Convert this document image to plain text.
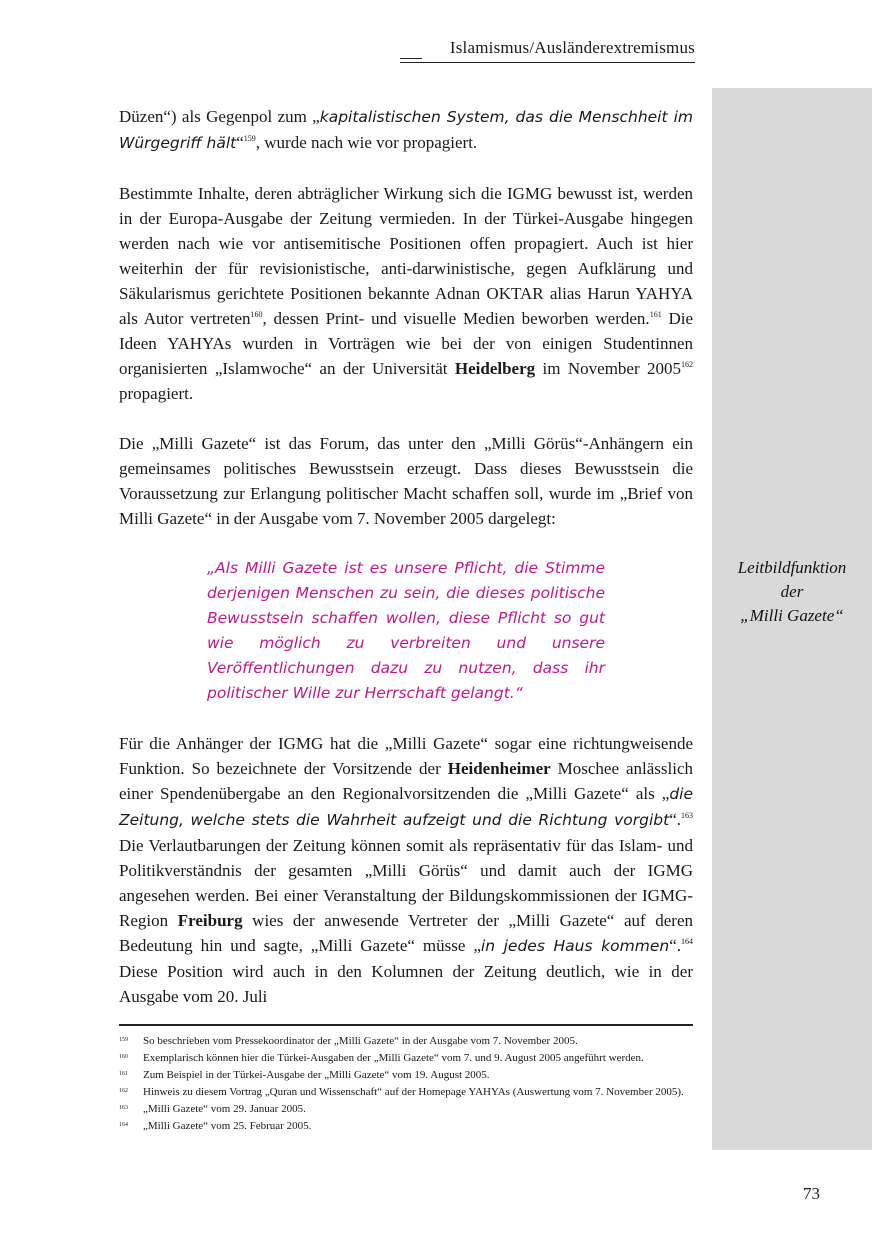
Islamismus/Ausländerextremismus
Leitbildfunktion
der
„Milli Gazete“

Düzen“) als Gegenpol zum „kapitalistischen System, das die Menschheit im Würgegriff hält“$^{159}$, wurde nach wie vor propagiert.

Bestimmte Inhalte, deren abträglicher Wirkung sich die IGMG bewusst ist, werden in der Europa-Ausgabe der Zeitung vermieden. In der Türkei-Ausgabe hingegen werden nach wie vor antisemitische Positionen offen propagiert. Auch ist hier weiterhin der für revisionistische, anti-darwinistische, gegen Aufklärung und Säkularismus gerichtete Positionen bekannte Adnan OKTAR alias Harun YAHYA als Autor vertreten$^{160}$, dessen Print- und visuelle Medien beworben werden.$^{161}$ Die Ideen YAHYAs wurden in Vorträgen wie bei der von einigen Studentinnen organisierten „Islamwoche“ an der Universität Heidelberg im November 2005$^{162}$ propagiert.

Die „Milli Gazete“ ist das Forum, das unter den „Milli Görüs“-Anhängern ein gemeinsames politisches Bewusstsein erzeugt. Dass dieses Bewusstsein die Voraussetzung zur Erlangung politischer Macht schaffen soll, wurde im „Brief von Milli Gazete“ in der Ausgabe vom 7. November 2005 dargelegt:

„Als Milli Gazete ist es unsere Pflicht, die Stimme derjenigen Menschen zu sein, die dieses politische Bewusstsein schaffen wollen, diese Pflicht so gut wie möglich zu verbreiten und unsere Veröffentlichungen dazu zu nutzen, dass ihr politischer Wille zur Herrschaft gelangt.“

Für die Anhänger der IGMG hat die „Milli Gazete“ sogar eine richtungweisende Funktion. So bezeichnete der Vorsitzende der Heidenheimer Moschee anlässlich einer Spendenübergabe an den Regionalvorsitzenden die „Milli Gazete“ als „die Zeitung, welche stets die Wahrheit aufzeigt und die Richtung vorgibt“.$^{163}$ Die Verlautbarungen der Zeitung können somit als repräsentativ für das Islam- und Politikverständnis der gesamten „Milli Görüs“ und damit auch der IGMG angesehen werden. Bei einer Veranstaltung der Bildungskommissionen der IGMG-Region Freiburg wies der anwesende Vertreter der „Milli Gazete“ auf deren Bedeutung hin und sagte, „Milli Gazete“ müsse „in jedes Haus kommen“.$^{164}$ Diese Position wird auch in den Kolumnen der Zeitung deutlich, wie in der Ausgabe vom 20. Juli

159	So beschrieben vom Pressekoordinator der „Milli Gazete“ in der Ausgabe vom 7. November 2005.
160	Exemplarisch können hier die Türkei-Ausgaben der „Milli Gazete“ vom 7. und 9. August 2005 angeführt werden.
161	Zum Beispiel in der Türkei-Ausgabe der „Milli Gazete“ vom 19. August 2005.
162	Hinweis zu diesem Vortrag „Quran und Wissenschaft“ auf der Homepage YAHYAs (Auswertung vom 7. November 2005).
163	„Milli Gazete“ vom 29. Januar 2005.
164	„Milli Gazete“ vom 25. Februar 2005.
73
